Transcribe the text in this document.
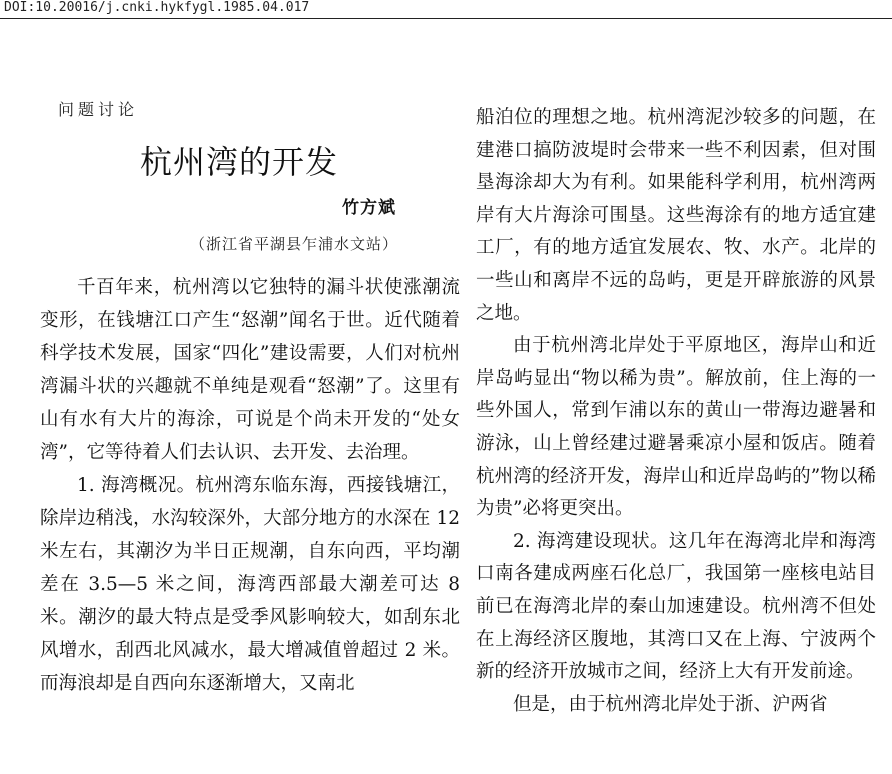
DOI:10.20016/j.cnki.hykfygl.1985.04.017
问题讨论
杭州湾的开发
竹方斌
（浙江省平湖县乍浦水文站）

千百年来，杭州湾以它独特的漏斗状使涨潮流变形，在钱塘江口产生“怒潮”闻名于世。近代随着科学技术发展，国家“四化”建设需要，人们对杭州湾漏斗状的兴趣就不单纯是观看“怒潮”了。这里有山有水有大片的海涂，可说是个尚未开发的“处女湾”，它等待着人们去认识、去开发、去治理。

1. 海湾概况。杭州湾东临东海，西接钱塘江，除岸边稍浅，水沟较深外，大部分地方的水深在 12 米左右，其潮汐为半日正规潮，自东向西，平均潮差在 3.5—5 米之间，海湾西部最大潮差可达 8 米。潮汐的最大特点是受季风影响较大，如刮东北风增水，刮西北风减水，最大增减值曾超过 2 米。而海浪却是自西向东逐渐增大，又南北

船泊位的理想之地。杭州湾泥沙较多的问题，在建港口搞防波堤时会带来一些不利因素，但对围垦海涂却大为有利。如果能科学利用，杭州湾两岸有大片海涂可围垦。这些海涂有的地方适宜建工厂，有的地方适宜发展农、牧、水产。北岸的一些山和离岸不远的岛屿，更是开辟旅游的风景之地。

由于杭州湾北岸处于平原地区，海岸山和近岸岛屿显出“物以稀为贵”。解放前，住上海的一些外国人，常到乍浦以东的黄山一带海边避暑和游泳，山上曾经建过避暑乘凉小屋和饭店。随着杭州湾的经济开发，海岸山和近岸岛屿的”物以稀为贵”必将更突出。

2. 海湾建设现状。这几年在海湾北岸和海湾口南各建成两座石化总厂，我国第一座核电站目前已在海湾北岸的秦山加速建设。杭州湾不但处在上海经济区腹地，其湾口又在上海、宁波两个新的经济开放城市之间，经济上大有开发前途。

但是，由于杭州湾北岸处于浙、沪两省
